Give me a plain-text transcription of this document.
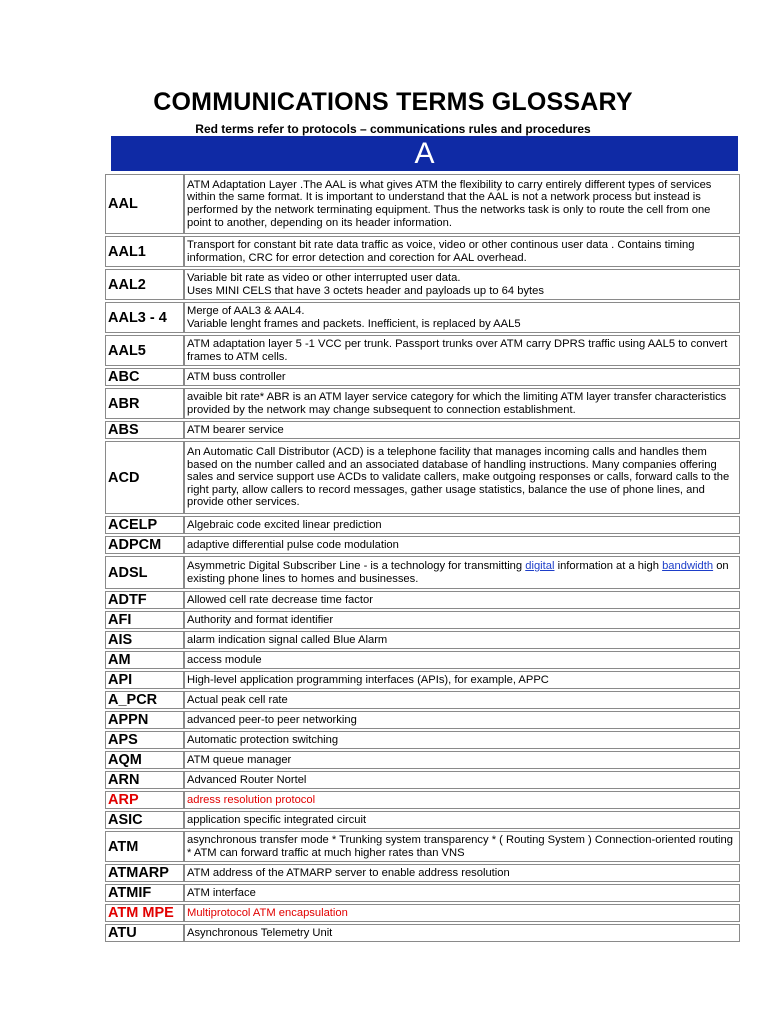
COMMUNICATIONS TERMS GLOSSARY
Red terms refer to protocols – communications rules and procedures
A
AAL	ATM Adaptation Layer .The AAL is what gives ATM the flexibility to carry entirely different types of services within the same format. It is important to understand that the AAL is not a network process but instead is performed by the network terminating equipment. Thus the networks task is only to route the cell from one point to another, depending on its header information.
AAL1	Transport for constant bit rate data traffic as voice, video or other continous user data . Contains timing information, CRC for error detection and corection for AAL overhead.
AAL2	Variable bit rate as video or other interrupted user data.
Uses MINI CELS that have 3 octets header and payloads up to 64 bytes

AAL3 - 4	Merge of AAL3 & AAL4.
Variable lenght frames and packets. Inefficient, is replaced by AAL5

AAL5	ATM adaptation layer 5 -1 VCC per trunk. Passport trunks over ATM carry DPRS traffic using AAL5 to convert frames to ATM cells.
ABC	ATM buss controller
ABR	avaible bit rate* ABR is an ATM layer service category for which the limiting ATM layer transfer characteristics provided by the network may change subsequent to connection establishment.
ABS	ATM bearer service
ACD	An Automatic Call Distributor (ACD) is a telephone facility that manages incoming calls and handles them based on the number called and an associated database of handling instructions. Many companies offering sales and service support use ACDs to validate callers, make outgoing responses or calls, forward calls to the right party, allow callers to record messages, gather usage statistics, balance the use of phone lines, and provide other services.
ACELP	Algebraic code excited linear prediction
ADPCM	adaptive differential pulse code modulation
ADSL	Asymmetric Digital Subscriber Line - is a technology for transmitting digital information at a high bandwidth on existing phone lines to homes and businesses.
ADTF	Allowed cell rate decrease time factor
AFI	Authority and format identifier
AIS	alarm indication signal called Blue Alarm
AM	access module
API	High-level application programming interfaces (APIs), for example, APPC
A_PCR	Actual peak cell rate
APPN	advanced peer-to peer networking
APS	Automatic protection switching
AQM	ATM queue manager
ARN	Advanced Router Nortel
ARP	adress resolution protocol
ASIC	application specific integrated circuit
ATM	asynchronous transfer mode * Trunking system transparency * ( Routing System ) Connection-oriented routing * ATM can forward traffic at much higher rates than VNS
ATMARP	ATM address of the ATMARP server to enable address resolution
ATMIF	ATM interface
ATM MPE	Multiprotocol ATM encapsulation
ATU	Asynchronous Telemetry Unit
